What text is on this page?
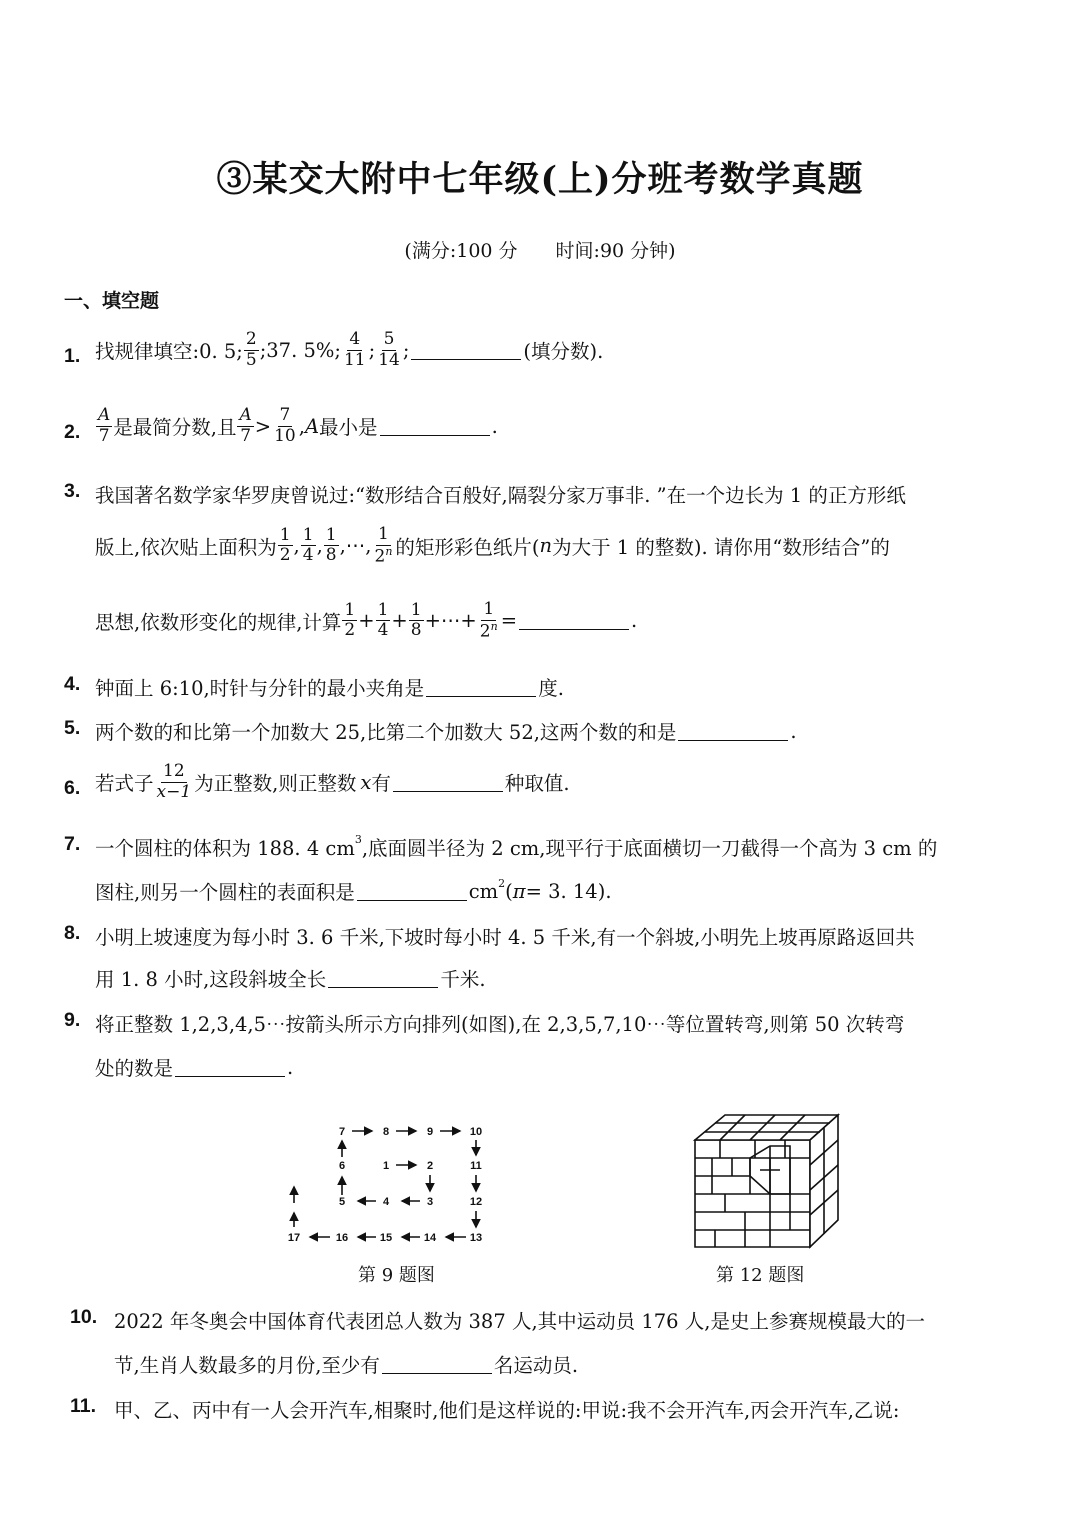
③某交大附中七年级(上)分班考数学真题
(满分:100 分　　时间:90 分钟)
一、填空题
1. 找规律填空:0. 5; $\frac{2}{5}$ ;37. 5%; $\frac{4}{11}$ ; $\frac{5}{14}$ ;	(填分数).
2. $\frac{A}{7}$ 是最简分数,且 $\frac{A}{7} > \frac{7}{10}$ , A 最小是	.
3. 我国著名数学家华罗庚曾说过:“数形结合百般好,隔裂分家万事非. ”在一个边长为 1 的正方形纸
版上,依次贴上面积为 $\frac{1}{2}$ , $\frac{1}{4}$ , $\frac{1}{8}$ ,⋯, $\frac{1}{2^n}$ 的矩形彩色纸片( n 为大于 1 的整数). 请你用“数形结合”的
思想,依数形变化的规律,计算 $\frac{1}{2} + \frac{1}{4} + \frac{1}{8}$ +⋯+ $\frac{1}{2^n}$ =	.
4. 钟面上 6:10,时针与分针的最小夹角是	度.
5. 两个数的和比第一个加数大 25,比第二个加数大 52,这两个数的和是	.
6. 若式子 $\frac{12}{x-1}$ 为正整数,则正整数 x 有	种取值.
7. 一个圆柱的体积为 188. 4 $cm^3$ ,底面圆半径为 2 cm,现平行于底面横切一刀截得一个高为 3 cm 的
图柱,则另一个圆柱的表面积是	$cm^2$ ( π = 3. 14).
8. 小明上坡速度为每小时 3. 6 千米,下坡时每小时 4. 5 千米,有一个斜坡,小明先上坡再原路返回共
用 1. 8 小时,这段斜坡全长	千米.
9. 将正整数 1,2,3,4,5⋯按箭头所示方向排列(如图),在 2,3,5,7,10⋯等位置转弯,则第 50 次转弯
处的数是	.
7	8	9	10
6	1	2	11
5	4	3	12
17	16	15	14	13
第 9 题图	第 12 题图
10. 2022 年冬奥会中国体育代表团总人数为 387 人,其中运动员 176 人,是史上参赛规模最大的一
节,生肖人数最多的月份,至少有	名运动员.
11. 甲、乙、丙中有一人会开汽车,相聚时,他们是这样说的:甲说:我不会开汽车,丙会开汽车,乙说:
